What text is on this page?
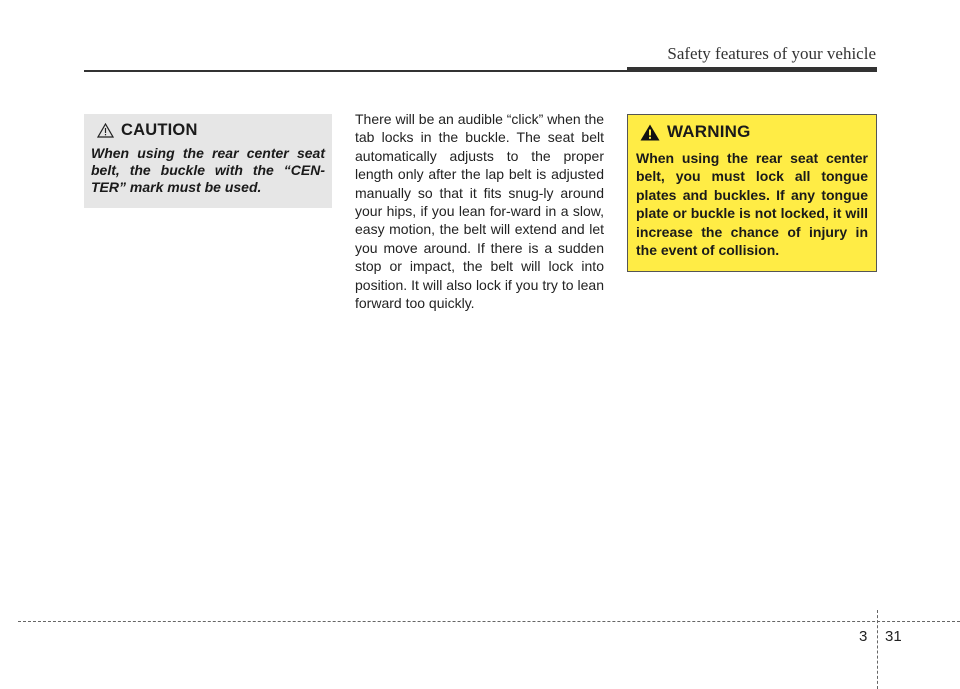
Safety features of your vehicle
CAUTION
When using the rear center seat belt, the buckle with the “CEN-TER” mark must be used.

There will be an audible “click” when the tab locks in the buckle. The seat belt automatically adjusts to the proper length only after the lap belt is adjusted manually so that it fits snug-ly around your hips, if you lean for-ward in a slow, easy motion, the belt will extend and let you move around. If there is a sudden stop or impact, the belt will lock into position. It will also lock if you try to lean forward too quickly.

WARNING
When using the rear seat center belt, you must lock all tongue plates and buckles. If any tongue plate or buckle is not locked, it will increase the chance of injury in the event of collision.
3 31
